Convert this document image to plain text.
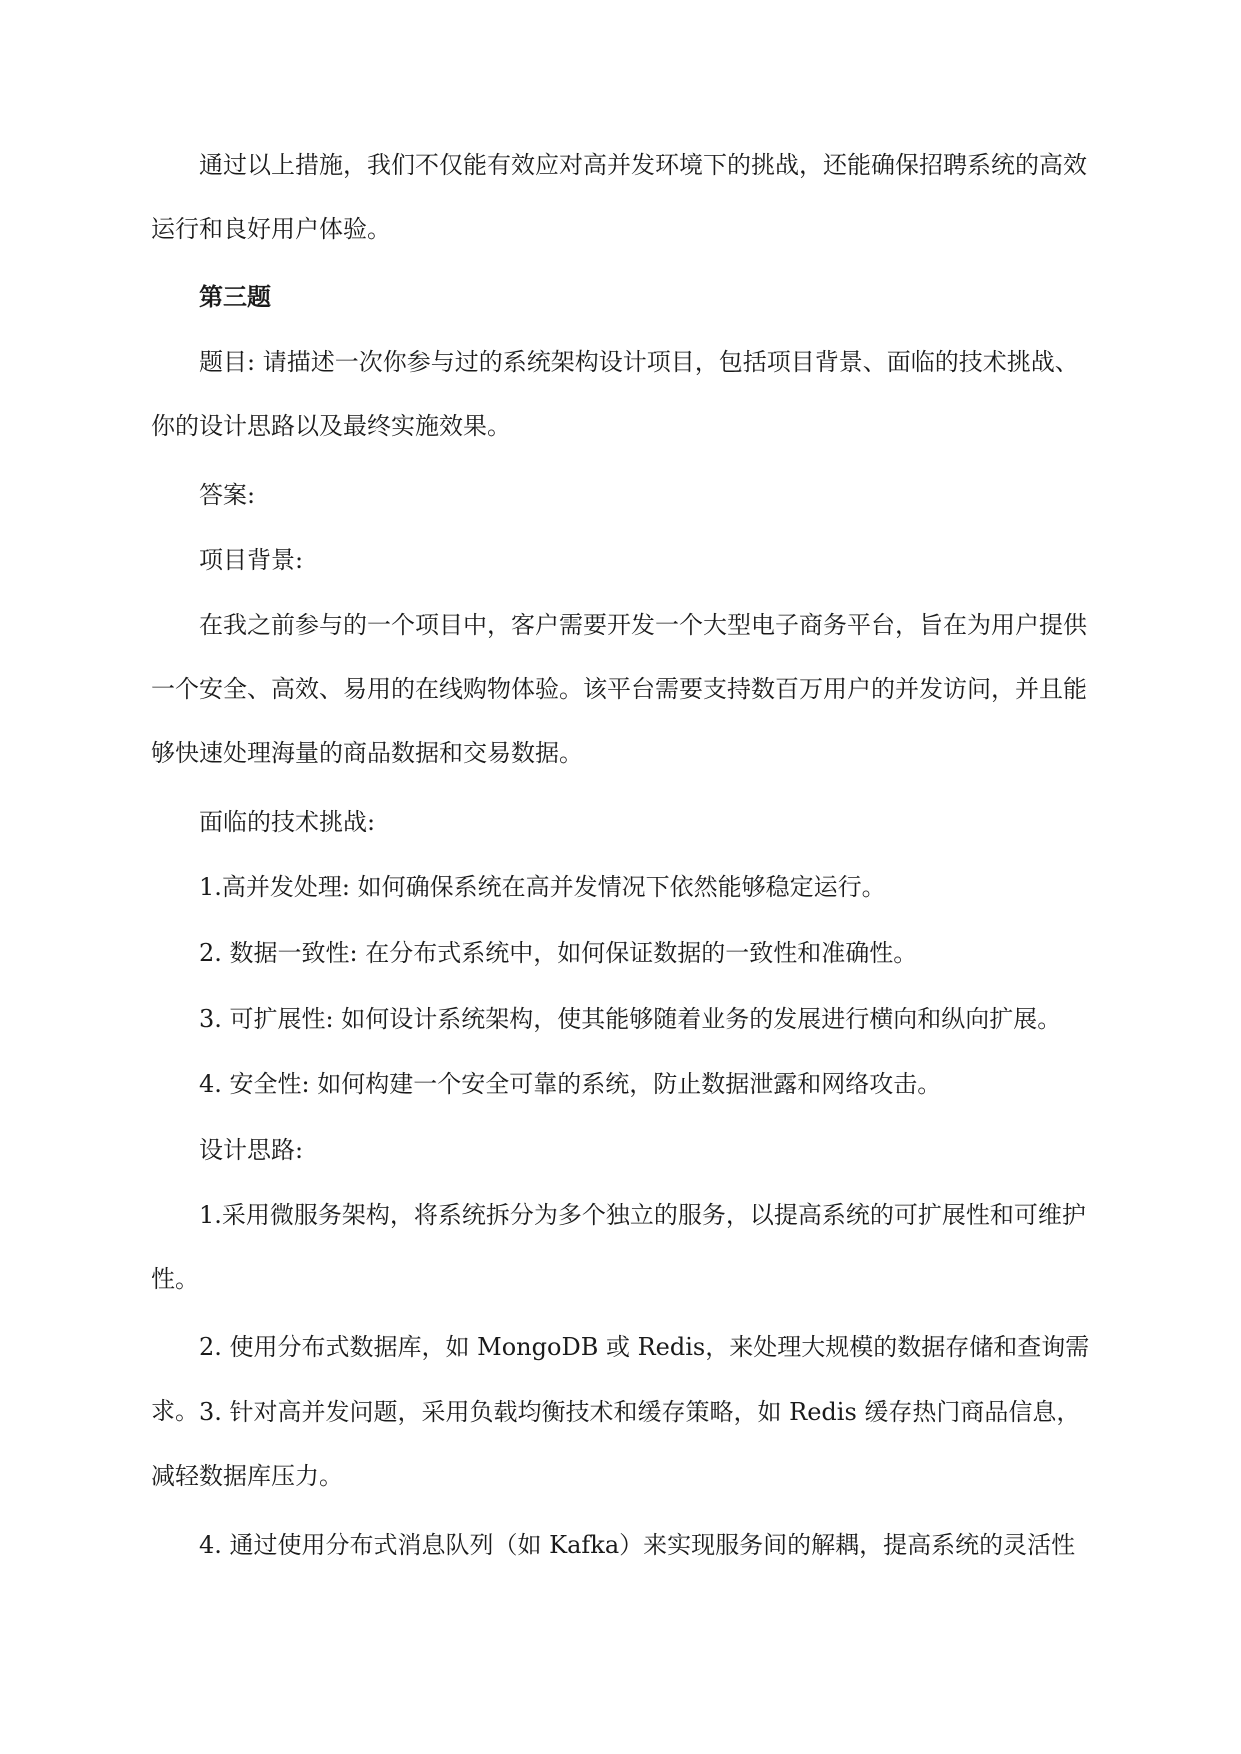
通过以上措施，我们不仅能有效应对高并发环境下的挑战，还能确保招聘系统的高效运行和良好用户体验。

第三题

题目: 请描述一次你参与过的系统架构设计项目，包括项目背景、面临的技术挑战、你的设计思路以及最终实施效果。

答案:

项目背景:

在我之前参与的一个项目中，客户需要开发一个大型电子商务平台，旨在为用户提供一个安全、高效、易用的在线购物体验。该平台需要支持数百万用户的并发访问，并且能够快速处理海量的商品数据和交易数据。

面临的技术挑战:

1.高并发处理: 如何确保系统在高并发情况下依然能够稳定运行。

2. 数据一致性: 在分布式系统中，如何保证数据的一致性和准确性。

3. 可扩展性: 如何设计系统架构，使其能够随着业务的发展进行横向和纵向扩展。

4. 安全性: 如何构建一个安全可靠的系统，防止数据泄露和网络攻击。

设计思路:

1.采用微服务架构，将系统拆分为多个独立的服务，以提高系统的可扩展性和可维护性。

2. 使用分布式数据库，如 MongoDB 或 Redis，来处理大规模的数据存储和查询需求。 3. 针对高并发问题，采用负载均衡技术和缓存策略，如 Redis 缓存热门商品信息，减轻数据库压力。

4. 通过使用分布式消息队列（如 Kafka）来实现服务间的解耦，提高系统的灵活性
